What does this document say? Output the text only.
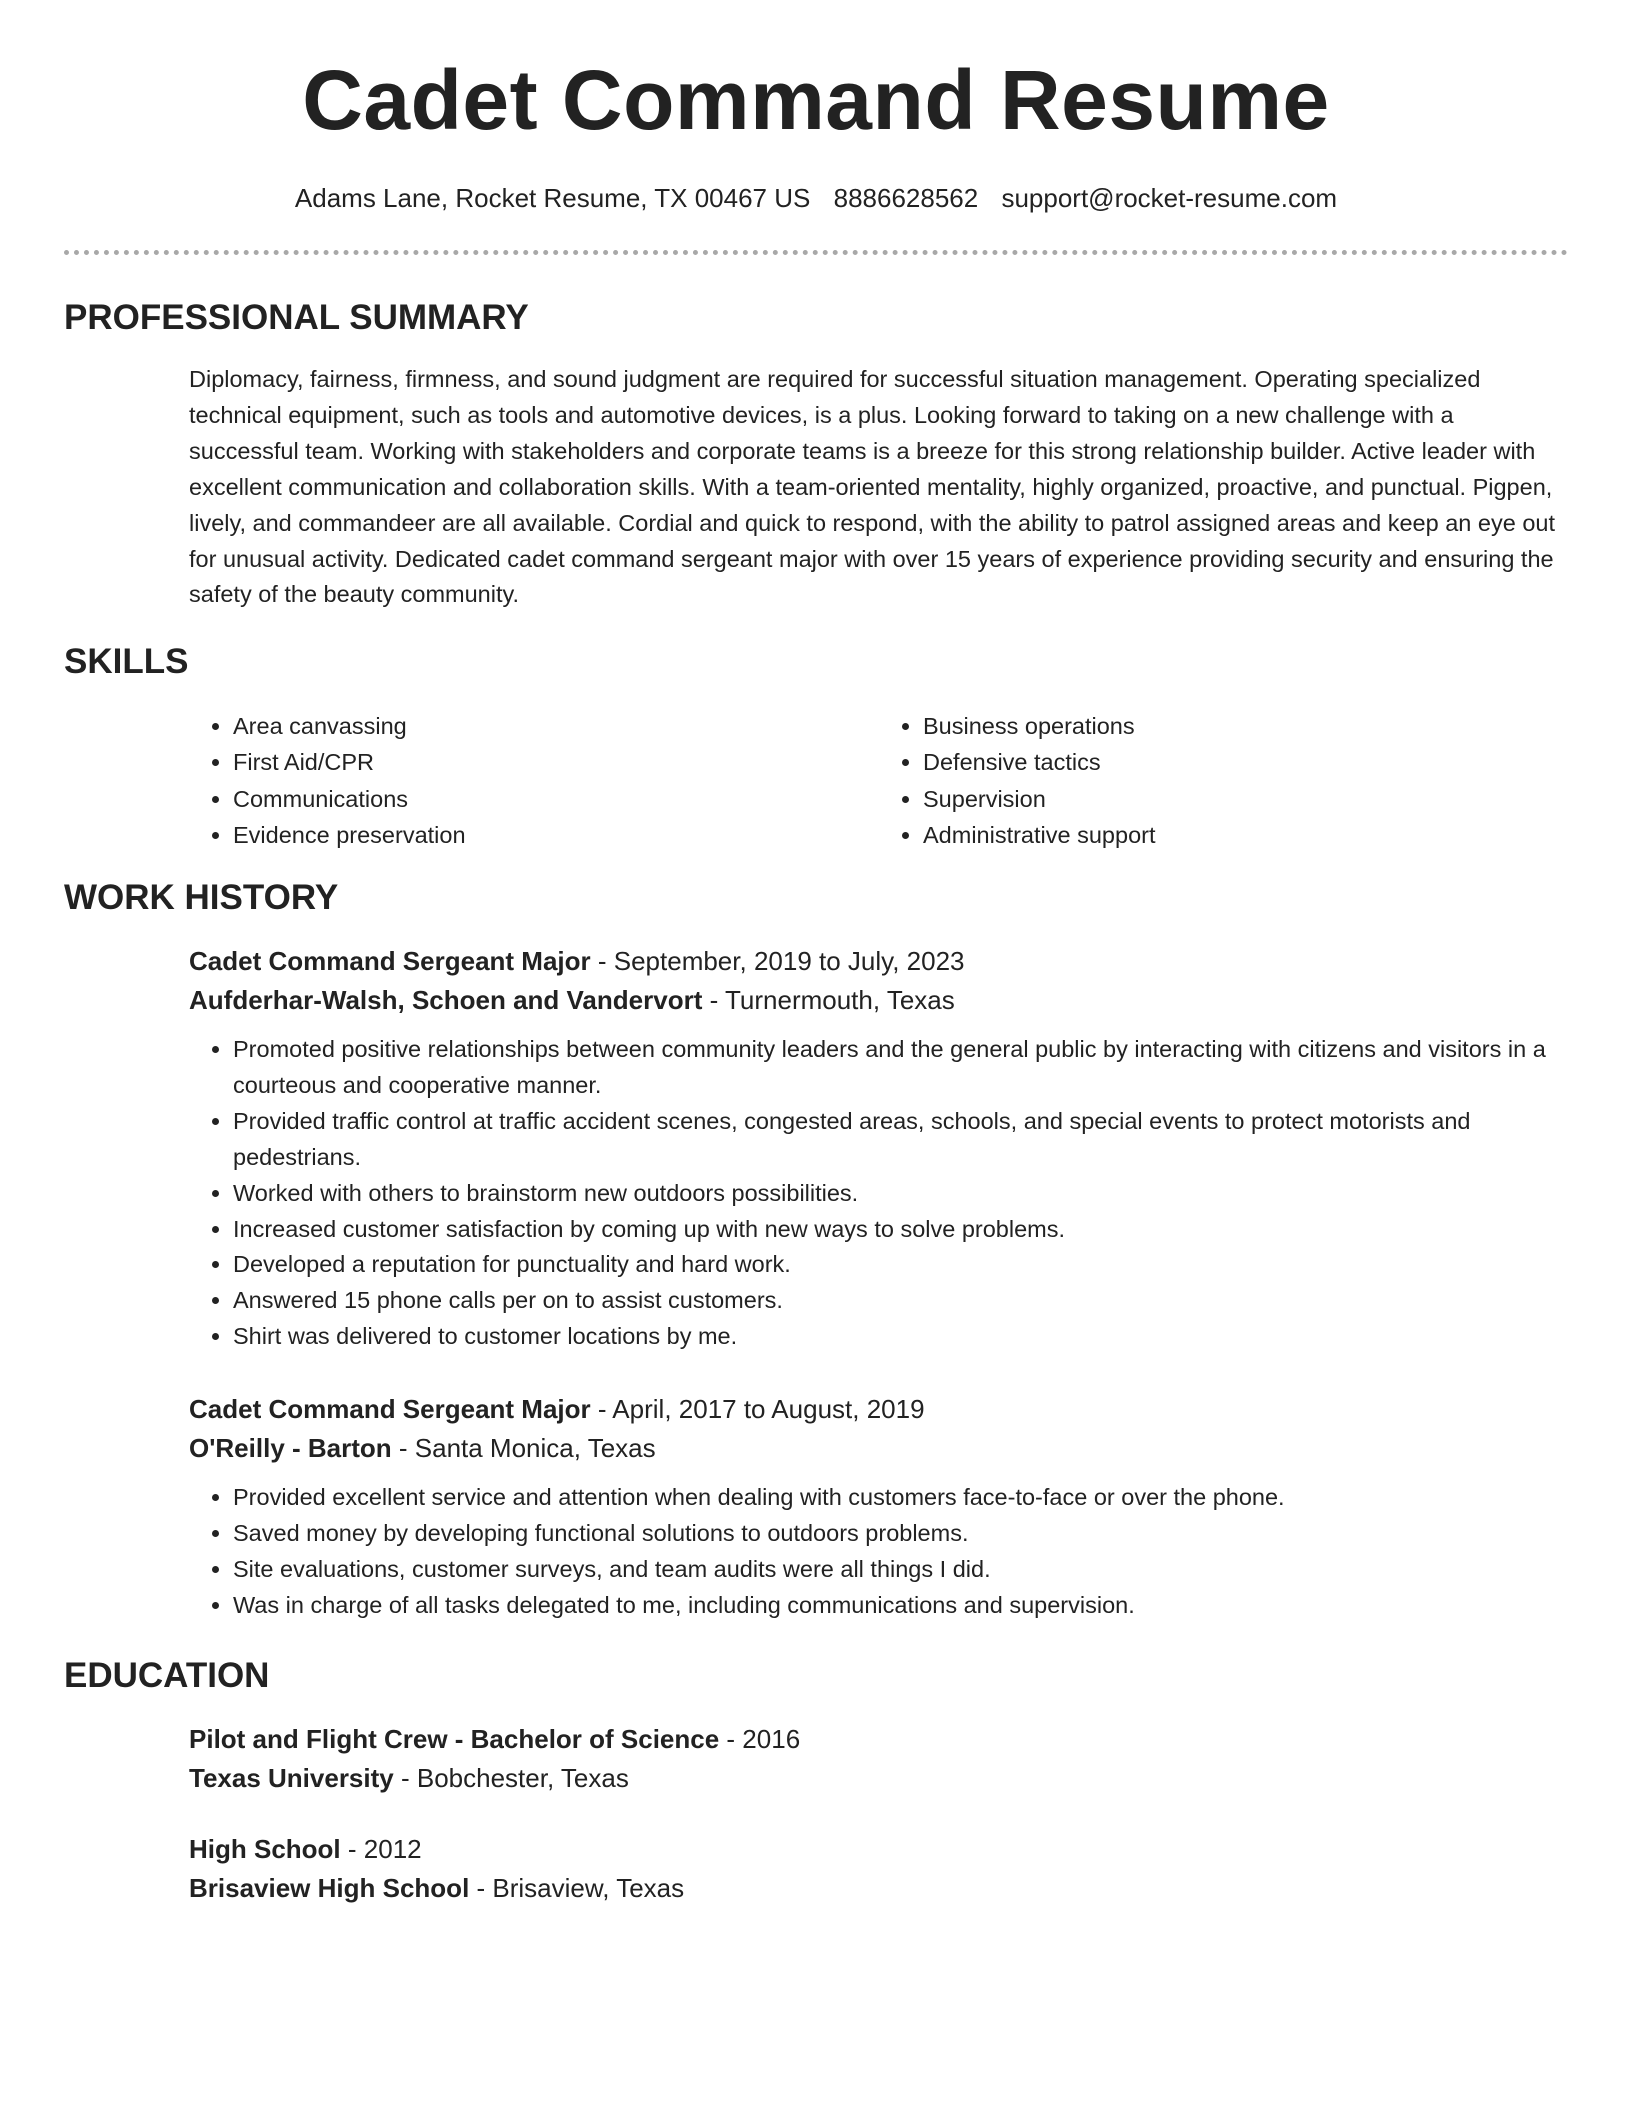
Cadet Command Resume
Adams Lane, Rocket Resume, TX 00467 US 8886628562 support@rocket-resume.com
PROFESSIONAL SUMMARY

Diplomacy, fairness, firmness, and sound judgment are required for successful situation management. Operating specialized technical equipment, such as tools and automotive devices, is a plus. Looking forward to taking on a new challenge with a successful team. Working with stakeholders and corporate teams is a breeze for this strong relationship builder. Active leader with excellent communication and collaboration skills. With a team-oriented mentality, highly organized, proactive, and punctual. Pigpen, lively, and commandeer are all available. Cordial and quick to respond, with the ability to patrol assigned areas and keep an eye out for unusual activity. Dedicated cadet command sergeant major with over 15 years of experience providing security and ensuring the safety of the beauty community.

SKILLS
• Area canvassing
• First Aid/CPR
• Communications
• Evidence preservation
• Business operations
• Defensive tactics
• Supervision
• Administrative support
WORK HISTORY
Cadet Command Sergeant Major - September, 2019 to July, 2023
Aufderhar-Walsh, Schoen and Vandervort - Turnermouth, Texas
• Promoted positive relationships between community leaders and the general public by interacting with citizens and visitors in a courteous and cooperative manner.
• Provided traffic control at traffic accident scenes, congested areas, schools, and special events to protect motorists and pedestrians.
• Worked with others to brainstorm new outdoors possibilities.
• Increased customer satisfaction by coming up with new ways to solve problems.
• Developed a reputation for punctuality and hard work.
• Answered 15 phone calls per on to assist customers.
• Shirt was delivered to customer locations by me.
Cadet Command Sergeant Major - April, 2017 to August, 2019
O'Reilly - Barton - Santa Monica, Texas
• Provided excellent service and attention when dealing with customers face-to-face or over the phone.
• Saved money by developing functional solutions to outdoors problems.
• Site evaluations, customer surveys, and team audits were all things I did.
• Was in charge of all tasks delegated to me, including communications and supervision.
EDUCATION
Pilot and Flight Crew - Bachelor of Science - 2016
Texas University - Bobchester, Texas
High School - 2012
Brisaview High School - Brisaview, Texas
